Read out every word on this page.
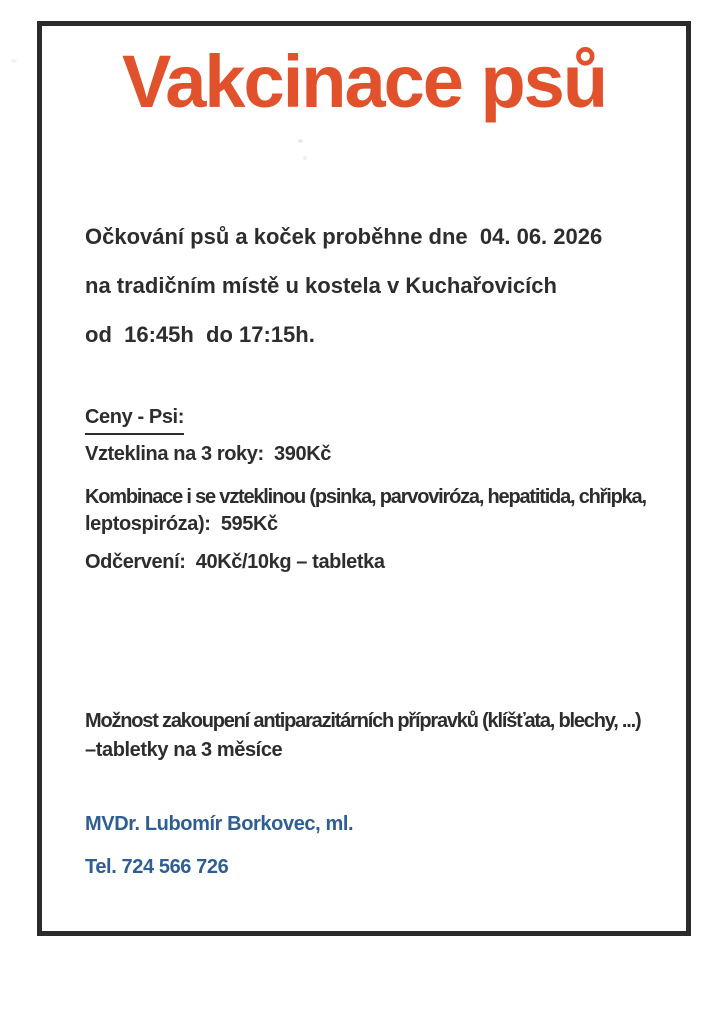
Vakcinace psů
Očkování psů a koček proběhne dne  04. 06. 2026
na tradičním místě u kostela v Kuchařovicích
od  16:45h  do 17:15h.
Ceny - Psi:
Vzteklina na 3 roky:  390Kč
Kombinace i se vzteklinou (psinka, parvoviróza, hepatitida, chřipka,
leptospiróza):  595Kč
Odčervení:  40Kč/10kg – tabletka
Možnost zakoupení antiparazitárních přípravků (klíšťata, blechy, ...)
–tabletky na 3 měsíce
MVDr. Lubomír Borkovec, ml.
Tel. 724 566 726
